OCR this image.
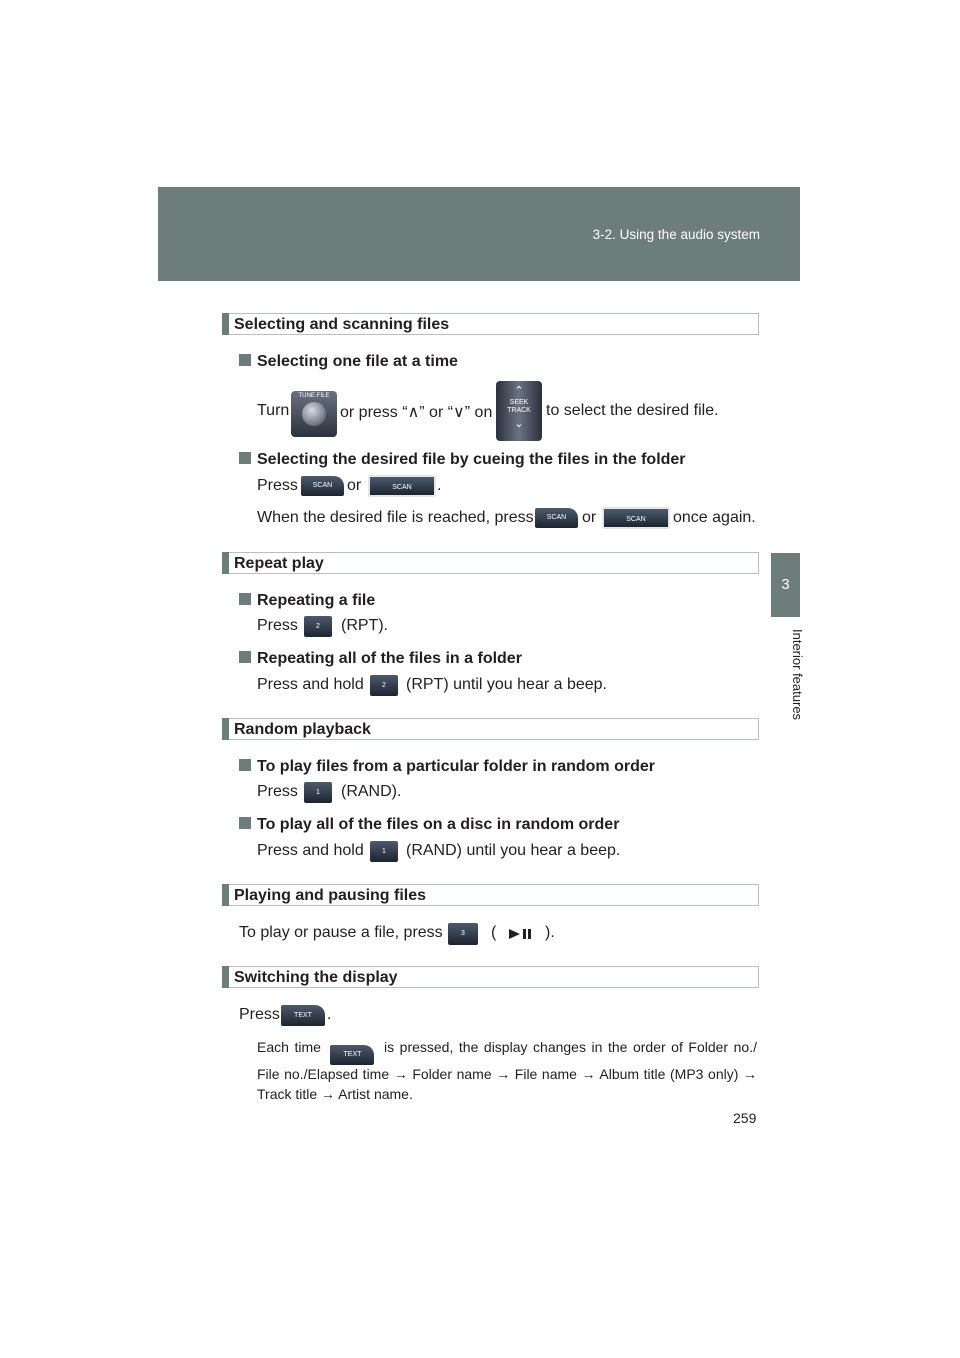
3-2. Using the audio system
3
Interior features
Selecting and scanning files
Selecting one file at a time
Turn
TUNE·FILE
or press “∧” or “∨” on
⌃
SEEK TRACK
⌄
to select the desired file.
Selecting the desired file by cueing the files in the folder
Press	SCAN or	SCAN	.
When the desired file is reached, press	SCAN or	SCAN	once again.
Repeat play
Repeating a file
Press	2	(RPT).
Repeating all of the files in a folder
Press and hold	2	(RPT) until you hear a beep.
Random playback
To play files from a particular folder in random order
Press	1	(RAND).
To play all of the files on a disc in random order
Press and hold	1	(RAND) until you hear a beep.
Playing and pausing files
To play or pause a file, press	3	(	).
Switching the display
Press	TEXT .
Each time	TEXT is pressed, the display changes in the order of Folder no./ File no./Elapsed time → Folder name → File name → Album title (MP3 only) → Track title → Artist name.
259
